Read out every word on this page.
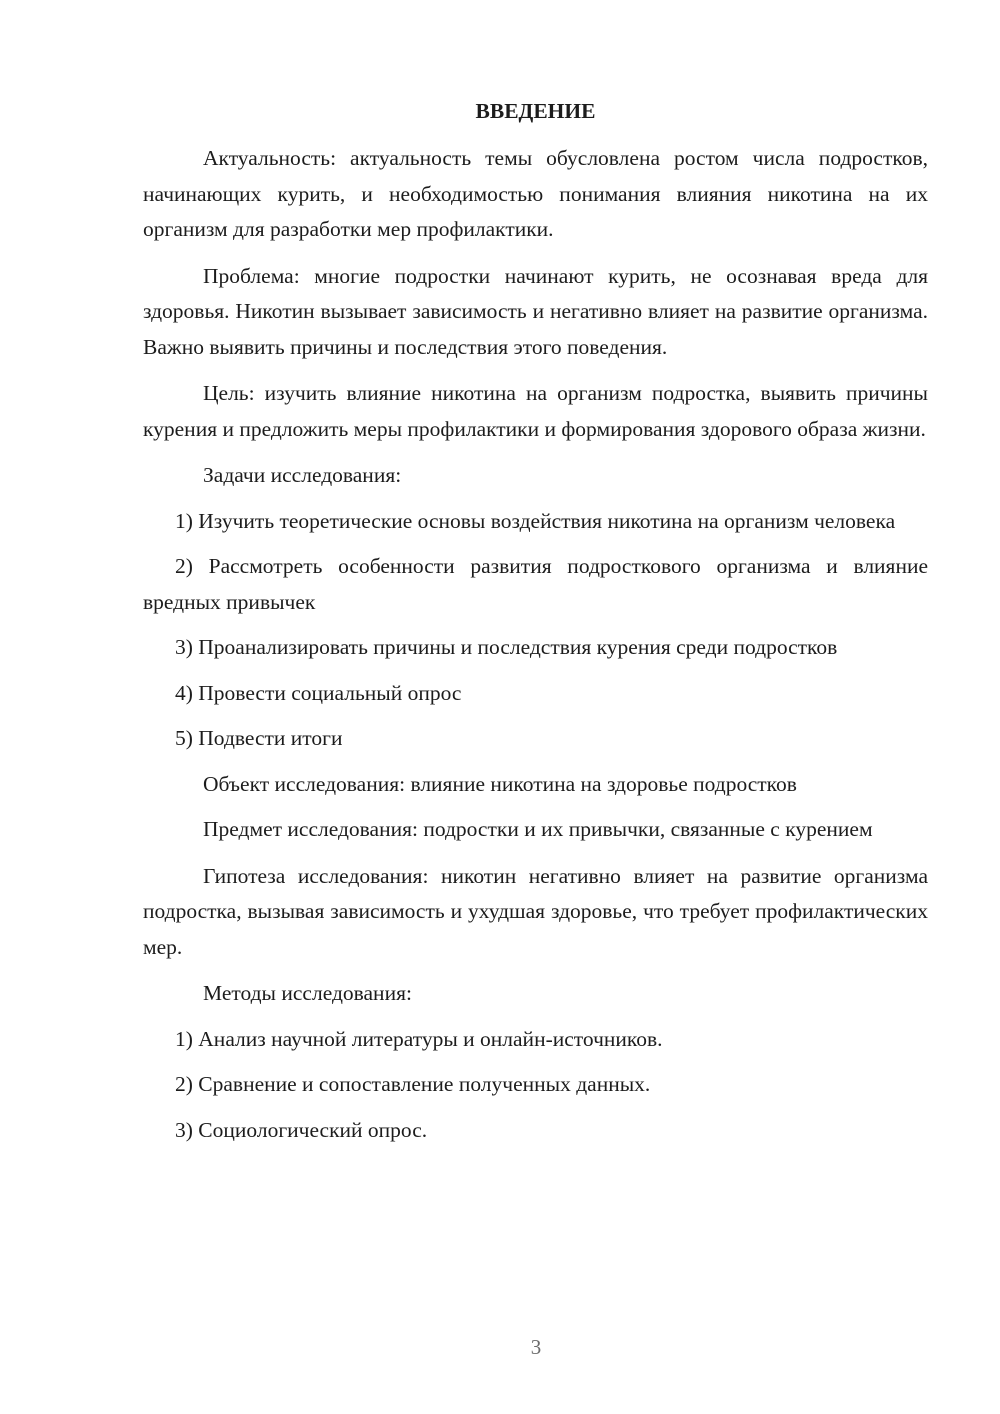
ВВЕДЕНИЕ

Актуальность: актуальность темы обусловлена ростом числа подростков, начинающих курить, и необходимостью понимания влияния никотина на их организм для разработки мер профилактики.

Проблема: многие подростки начинают курить, не осознавая вреда для здоровья. Никотин вызывает зависимость и негативно влияет на развитие организма. Важно выявить причины и последствия этого поведения.

Цель: изучить влияние никотина на организм подростка, выявить причины курения и предложить меры профилактики и формирования здорового образа жизни.

Задачи исследования:

1) Изучить теоретические основы воздействия никотина на организм человека

2) Рассмотреть особенности развития подросткового организма и влияние вредных привычек

3) Проанализировать причины и последствия курения среди подростков

4) Провести социальный опрос

5) Подвести итоги

Объект исследования: влияние никотина на здоровье подростков

Предмет исследования: подростки и их привычки, связанные с курением

Гипотеза исследования: никотин негативно влияет на развитие организма подростка, вызывая зависимость и ухудшая здоровье, что требует профилактических мер.

Методы исследования:

1) Анализ научной литературы и онлайн-источников.

2) Сравнение и сопоставление полученных данных.

3) Социологический опрос.

3
